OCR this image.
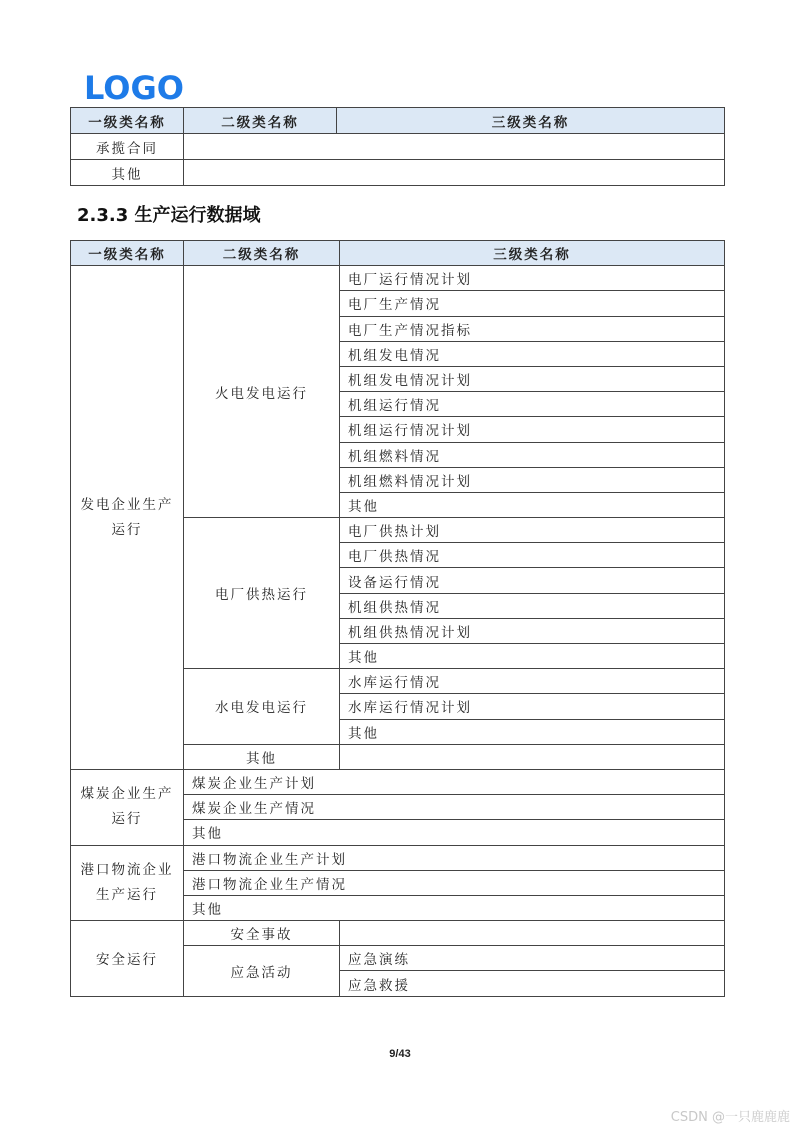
LOGO
一级类名称	二级类名称	三级类名称
承揽合同		
其他		
2.3.3 生产运行数据域
一级类名称	二级类名称	三级类名称
发电企业生产运行	火电发电运行	电厂运行情况计划
		电厂生产情况
		电厂生产情况指标
		机组发电情况
		机组发电情况计划
		机组运行情况
		机组运行情况计划
		机组燃料情况
		机组燃料情况计划
		其他
	电厂供热运行	电厂供热计划
		电厂供热情况
		设备运行情况
		机组供热情况
		机组供热情况计划
		其他
	水电发电运行	水库运行情况
		水库运行情况计划
		其他
	其他	
煤炭企业生产运行	煤炭企业生产计划	
	煤炭企业生产情况	
	其他	
港口物流企业生产运行	港口物流企业生产计划	
	港口物流企业生产情况	
	其他	
安全运行	安全事故	
	应急活动	应急演练
		应急救援
9/43
CSDN @一只鹿鹿鹿
